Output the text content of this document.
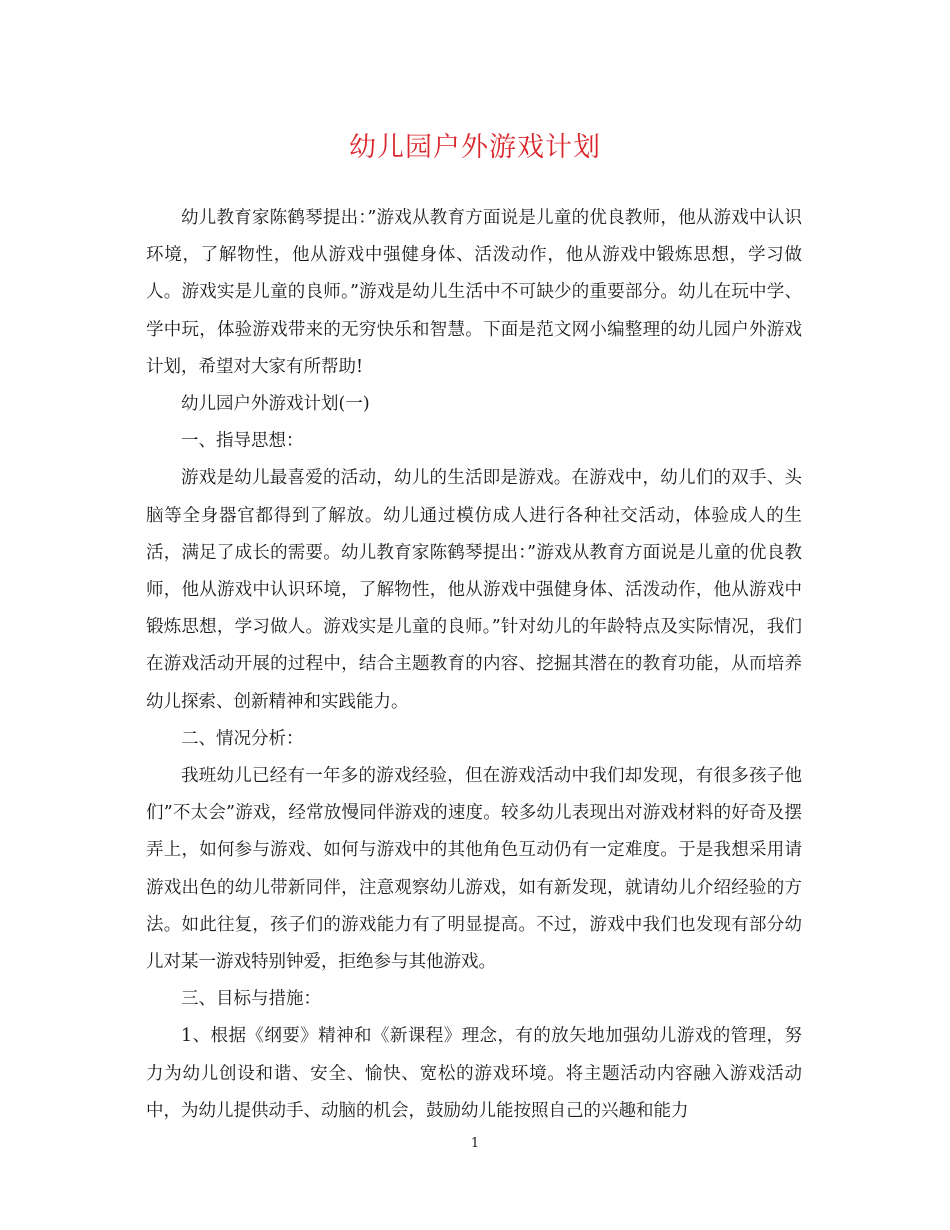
幼儿园户外游戏计划

幼儿教育家陈鹤琴提出：”游戏从教育方面说是儿童的优良教师，他从游戏中认识环境，了解物性，他从游戏中强健身体、活泼动作，他从游戏中锻炼思想，学习做人。游戏实是儿童的良师。”游戏是幼儿生活中不可缺少的重要部分。幼儿在玩中学、学中玩，体验游戏带来的无穷快乐和智慧。下面是范文网小编整理的幼儿园户外游戏计划，希望对大家有所帮助!

幼儿园户外游戏计划(一)

一、指导思想：

游戏是幼儿最喜爱的活动，幼儿的生活即是游戏。在游戏中，幼儿们的双手、头脑等全身器官都得到了解放。幼儿通过模仿成人进行各种社交活动，体验成人的生活，满足了成长的需要。幼儿教育家陈鹤琴提出：”游戏从教育方面说是儿童的优良教师，他从游戏中认识环境，了解物性，他从游戏中强健身体、活泼动作，他从游戏中锻炼思想，学习做人。游戏实是儿童的良师。”针对幼儿的年龄特点及实际情况，我们在游戏活动开展的过程中，结合主题教育的内容、挖掘其潜在的教育功能，从而培养幼儿探索、创新精神和实践能力。

二、情况分析：

我班幼儿已经有一年多的游戏经验，但在游戏活动中我们却发现，有很多孩子他们”不太会”游戏，经常放慢同伴游戏的速度。较多幼儿表现出对游戏材料的好奇及摆弄上，如何参与游戏、如何与游戏中的其他角色互动仍有一定难度。于是我想采用请游戏出色的幼儿带新同伴，注意观察幼儿游戏，如有新发现，就请幼儿介绍经验的方法。如此往复，孩子们的游戏能力有了明显提高。不过，游戏中我们也发现有部分幼儿对某一游戏特别钟爱，拒绝参与其他游戏。

三、目标与措施：

1、根据《纲要》精神和《新课程》理念，有的放矢地加强幼儿游戏的管理，努力为幼儿创设和谐、安全、愉快、宽松的游戏环境。将主题活动内容融入游戏活动中，为幼儿提供动手、动脑的机会，鼓励幼儿能按照自己的兴趣和能力

1
